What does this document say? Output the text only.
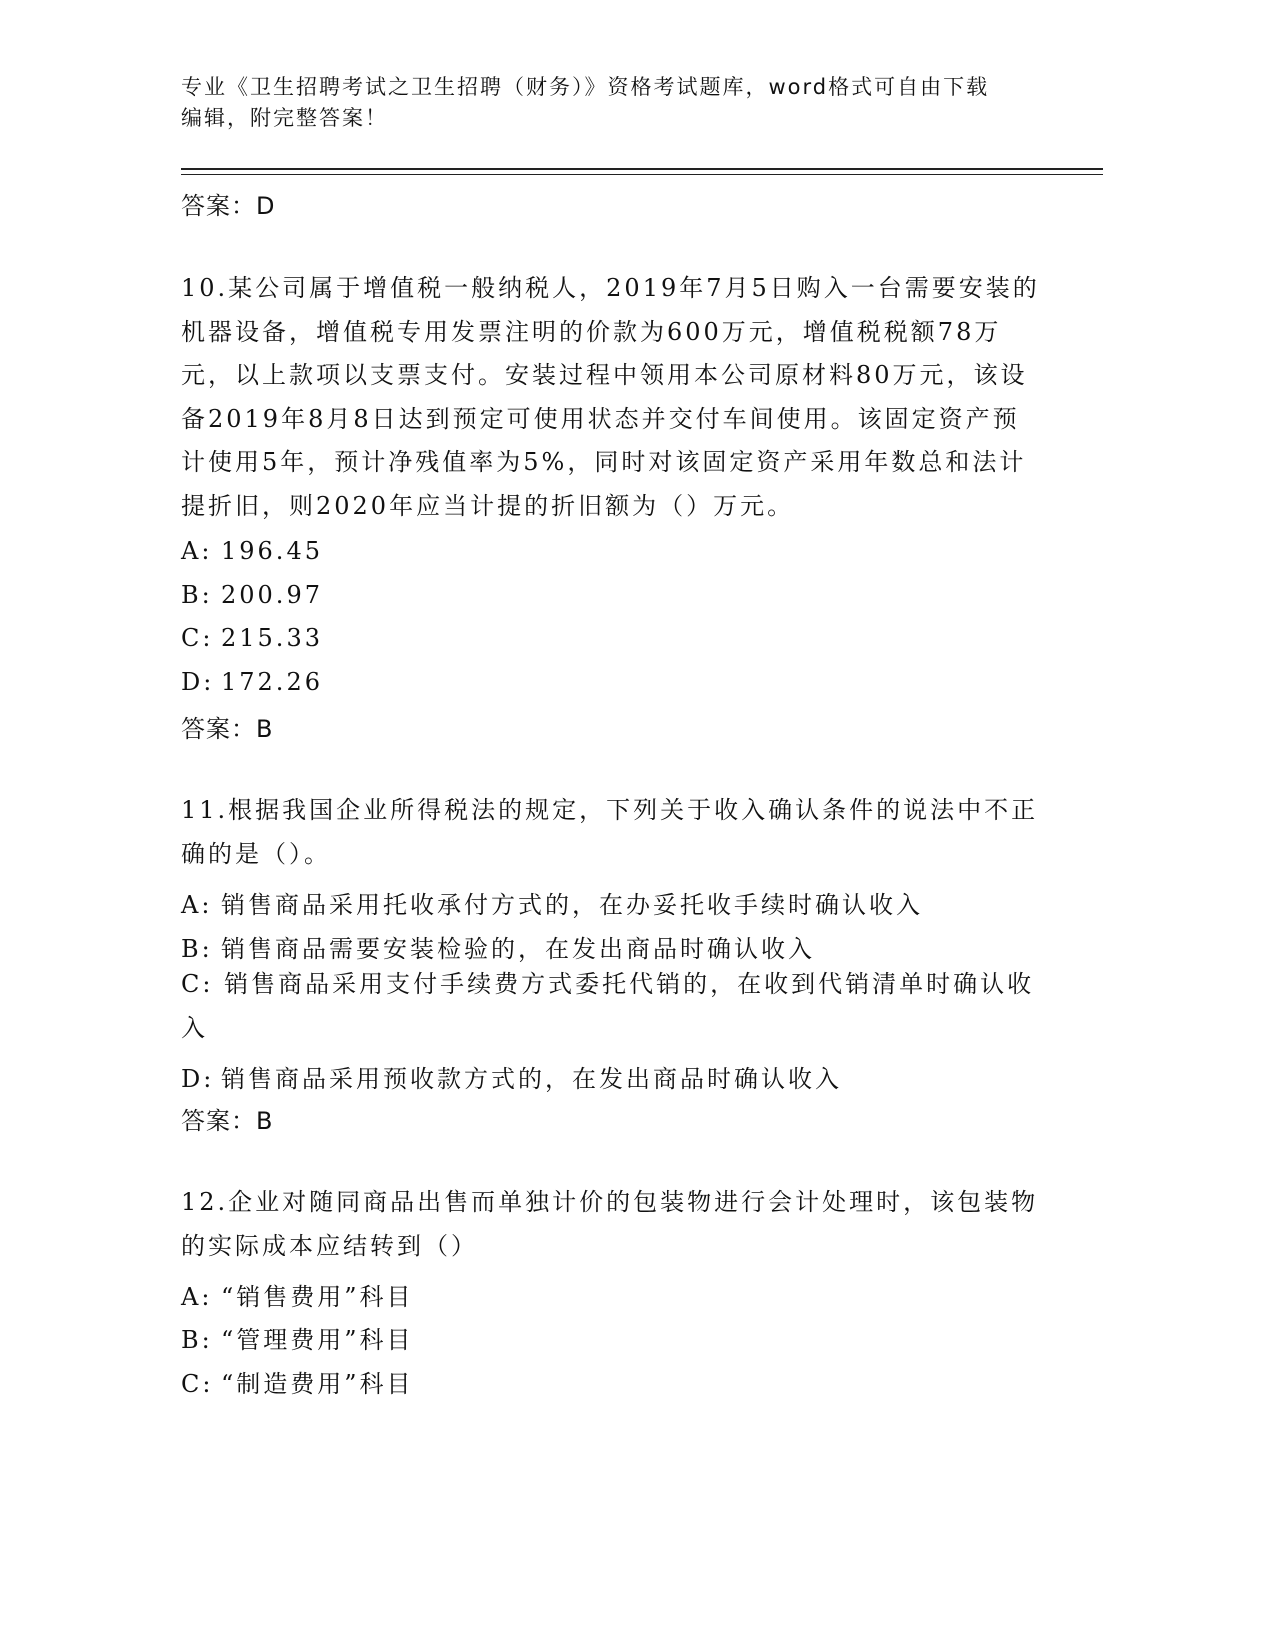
专业《卫生招聘考试之卫生招聘（财务）》资格考试题库，word格式可自由下载
编辑，附完整答案！
答案：D
10.某公司属于增值税一般纳税人，2019年7月5日购入一台需要安装的机器设备，增值税专用发票注明的价款为600万元，增值税税额78万元，以上款项以支票支付。安装过程中领用本公司原材料80万元，该设备2019年8月8日达到预定可使用状态并交付车间使用。该固定资产预计使用5年，预计净残值率为5%，同时对该固定资产采用年数总和法计提折旧，则2020年应当计提的折旧额为（）万元。
A: 196.45
B: 200.97
C: 215.33
D: 172.26
答案：B
11.根据我国企业所得税法的规定，下列关于收入确认条件的说法中不正确的是（）。
A: 销售商品采用托收承付方式的，在办妥托收手续时确认收入
B: 销售商品需要安装检验的，在发出商品时确认收入
C: 销售商品采用支付手续费方式委托代销的，在收到代销清单时确认收入
D: 销售商品采用预收款方式的，在发出商品时确认收入
答案：B
12.企业对随同商品出售而单独计价的包装物进行会计处理时，该包装物的实际成本应结转到（）
A: “销售费用”科目
B: “管理费用”科目
C: “制造费用”科目
